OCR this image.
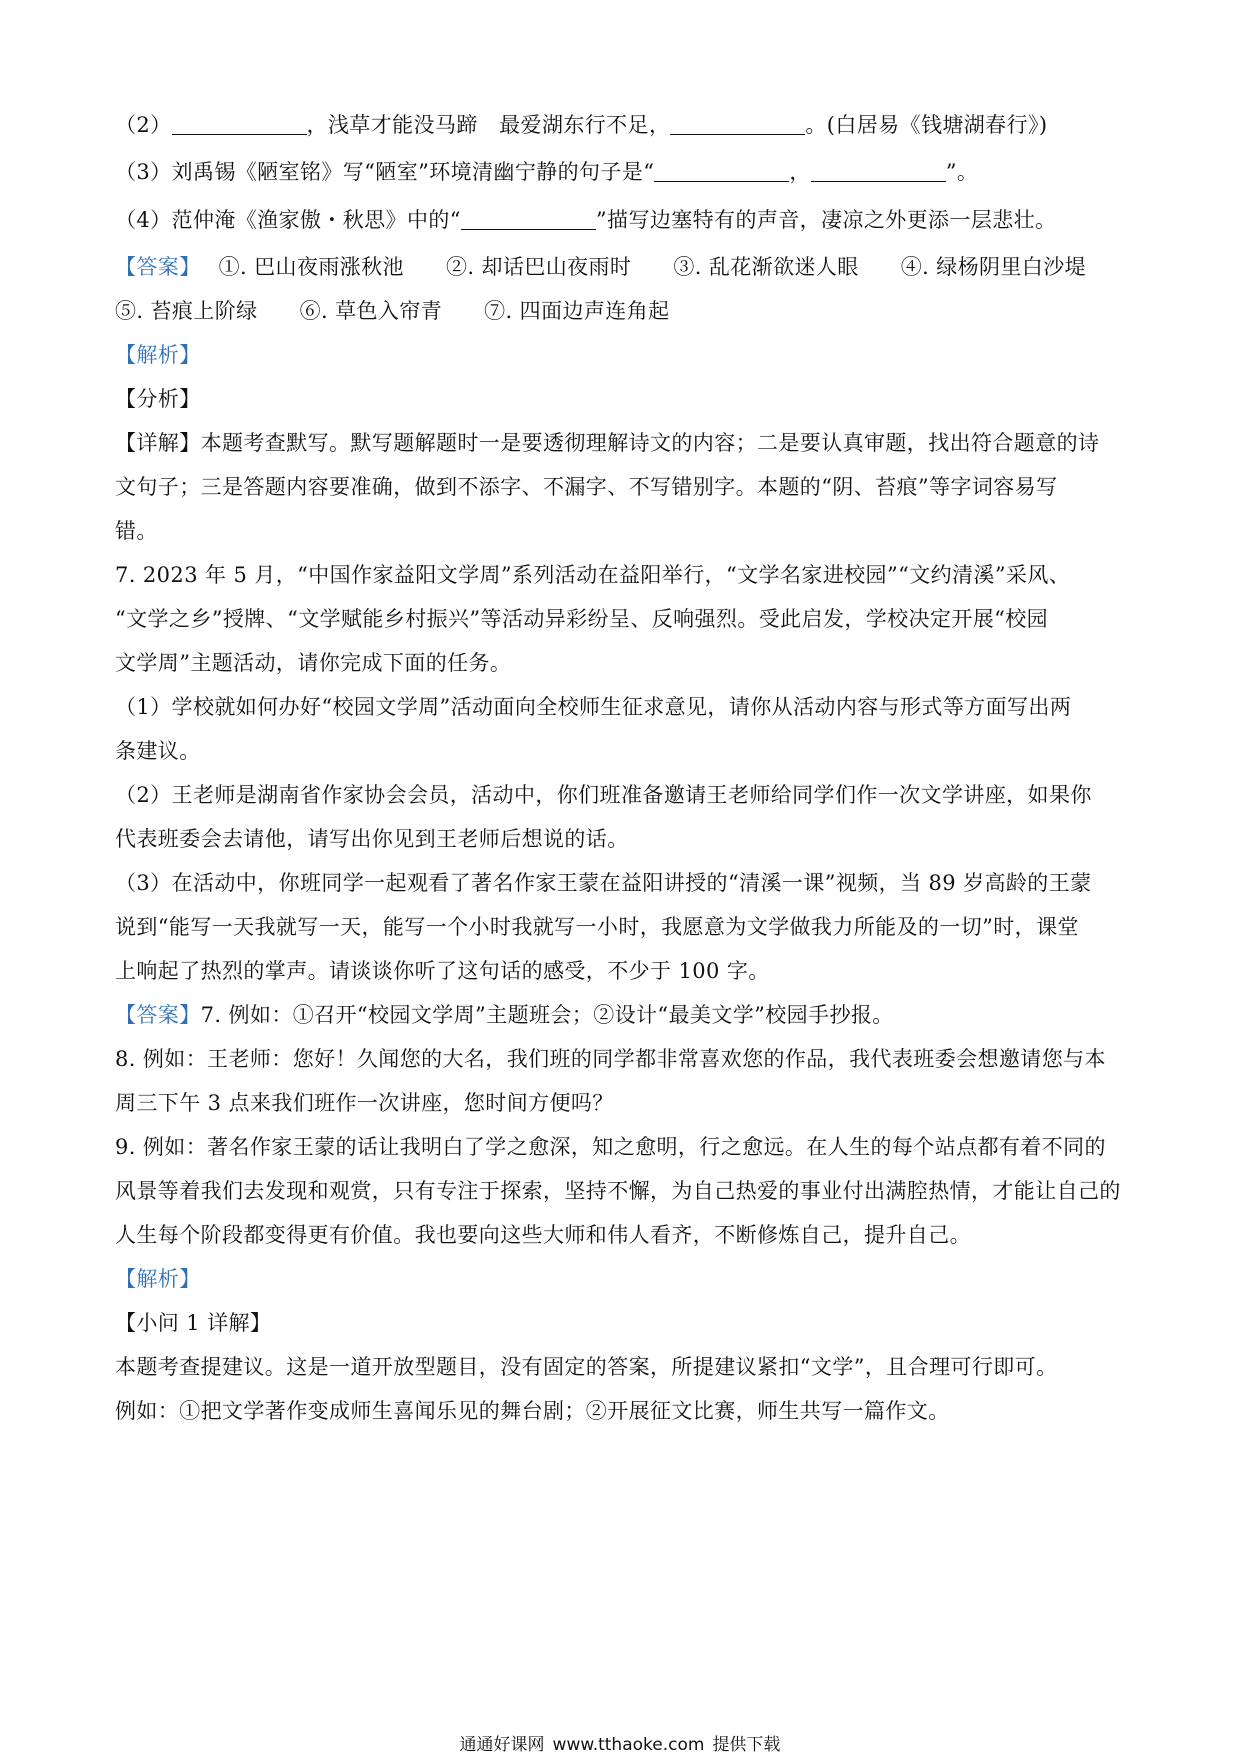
（2）	，浅草才能没马蹄　最爱湖东行不足，	。(白居易《钱塘湖春行》)
（3）刘禹锡《陋室铭》写“陋室”环境清幽宁静的句子是“	，	”。
（4）范仲淹《渔家傲・秋思》中的“	”描写边塞特有的声音，凄凉之外更添一层悲壮。
【答案】 ①. 巴山夜雨涨秋池 ②. 却话巴山夜雨时 ③. 乱花渐欲迷人眼 ④. 绿杨阴里白沙堤
⑤. 苔痕上阶绿 ⑥. 草色入帘青 ⑦. 四面边声连角起
【解析】
【分析】
【详解】本题考查默写。默写题解题时一是要透彻理解诗文的内容；二是要认真审题，找出符合题意的诗
文句子；三是答题内容要准确，做到不添字、不漏字、不写错别字。本题的“阴、苔痕”等字词容易写
错。
7. 2023 年 5 月，“中国作家益阳文学周”系列活动在益阳举行，“文学名家进校园”“文约清溪”采风、
“文学之乡”授牌、“文学赋能乡村振兴”等活动异彩纷呈、反响强烈。受此启发，学校决定开展“校园
文学周”主题活动，请你完成下面的任务。
（1）学校就如何办好“校园文学周”活动面向全校师生征求意见，请你从活动内容与形式等方面写出两
条建议。
（2）王老师是湖南省作家协会会员，活动中，你们班准备邀请王老师给同学们作一次文学讲座，如果你
代表班委会去请他，请写出你见到王老师后想说的话。
（3）在活动中，你班同学一起观看了著名作家王蒙在益阳讲授的“清溪一课”视频，当 89 岁高龄的王蒙
说到“能写一天我就写一天，能写一个小时我就写一小时，我愿意为文学做我力所能及的一切”时，课堂
上响起了热烈的掌声。请谈谈你听了这句话的感受，不少于 100 字。
【答案】7. 例如：①召开“校园文学周”主题班会；②设计“最美文学”校园手抄报。
8. 例如：王老师：您好！久闻您的大名，我们班的同学都非常喜欢您的作品，我代表班委会想邀请您与本
周三下午 3 点来我们班作一次讲座，您时间方便吗？
9. 例如：著名作家王蒙的话让我明白了学之愈深，知之愈明，行之愈远。在人生的每个站点都有着不同的
风景等着我们去发现和观赏，只有专注于探索，坚持不懈，为自己热爱的事业付出满腔热情，才能让自己的
人生每个阶段都变得更有价值。我也要向这些大师和伟人看齐，不断修炼自己，提升自己。
【解析】
【小问 1 详解】
本题考查提建议。这是一道开放型题目，没有固定的答案，所提建议紧扣“文学”，且合理可行即可。
例如：①把文学著作变成师生喜闻乐见的舞台剧；②开展征文比赛，师生共写一篇作文。
通通好课网 www.tthaoke.com 提供下载
